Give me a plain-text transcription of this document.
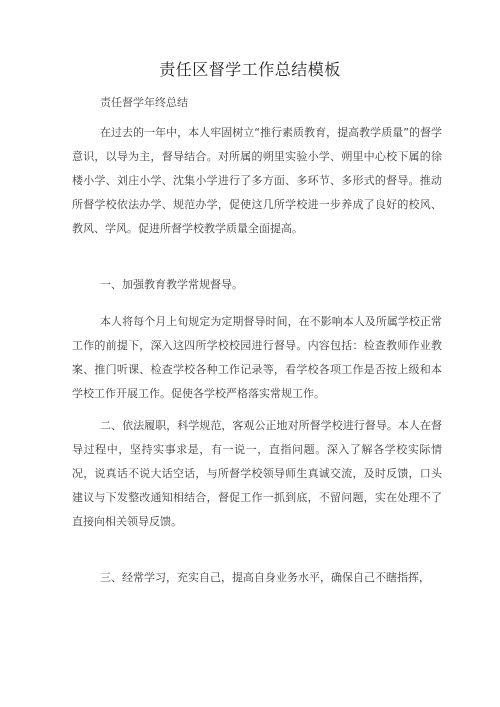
责任区督学工作总结模板
责任督学年终总结

在过去的一年中，本人牢固树立“推行素质教育，提高教学质量”的督学意识，以导为主，督导结合。对所属的朔里实验小学、朔里中心校下属的徐楼小学、刘庄小学、沈集小学进行了多方面、多环节、多形式的督导。推动所督学校依法办学、规范办学，促使这几所学校进一步养成了良好的校风、教风、学风。促进所督学校教学质量全面提高。

一、加强教育教学常规督导。

本人将每个月上旬规定为定期督导时间，在不影响本人及所属学校正常工作的前提下，深入这四所学校校园进行督导。内容包括：检查教师作业教案、推门听课、检查学校各种工作记录等，看学校各项工作是否按上级和本学校工作开展工作。促使各学校严格落实常规工作。

二、依法履职，科学规范，客观公正地对所督学校进行督导。本人在督导过程中，坚持实事求是，有一说一，直指问题。深入了解各学校实际情况，说真话不说大话空话，与所督学校领导师生真诚交流，及时反馈，口头建议与下发整改通知相结合，督促工作一抓到底，不留问题，实在处理不了直接向相关领导反馈。

三、经常学习，充实自己，提高自身业务水平，确保自己不瞎指挥，
